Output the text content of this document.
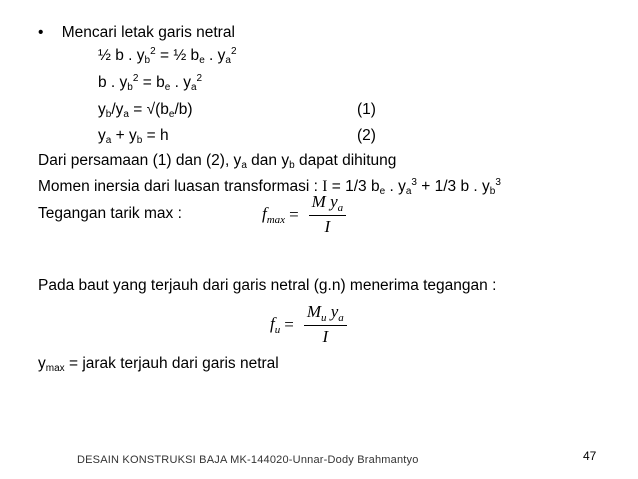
• Mencari letak garis netral
½ b . $y_b^2$ = ½ $b_e$ . $y_a^2$
b . $y_b^2 = b_e$ . $y_a^2$
$y_b/y_a = √(b_e/b)$	(1)
$y_a + y_b = h$	(2)
Dari persamaan (1) dan (2), $y_a$ dan $y_b$ dapat dihitung
Momen inersia dari luasan transformasi : I = 1/3 $b_e$ . $y_a^3 + 1/3$ b . $y_b^3$
Tegangan tarik max :	$f_{max} = \frac{M y_a}{I}$
Pada baut yang terjauh dari garis netral (g.n) menerima tegangan :
$f_u = \frac{M_u y_a}{I}$
$y_{max}$ = jarak terjauh dari garis netral
DESAIN KONSTRUKSI BAJA MK-144020-Unnar-Dody Brahmantyo	47
